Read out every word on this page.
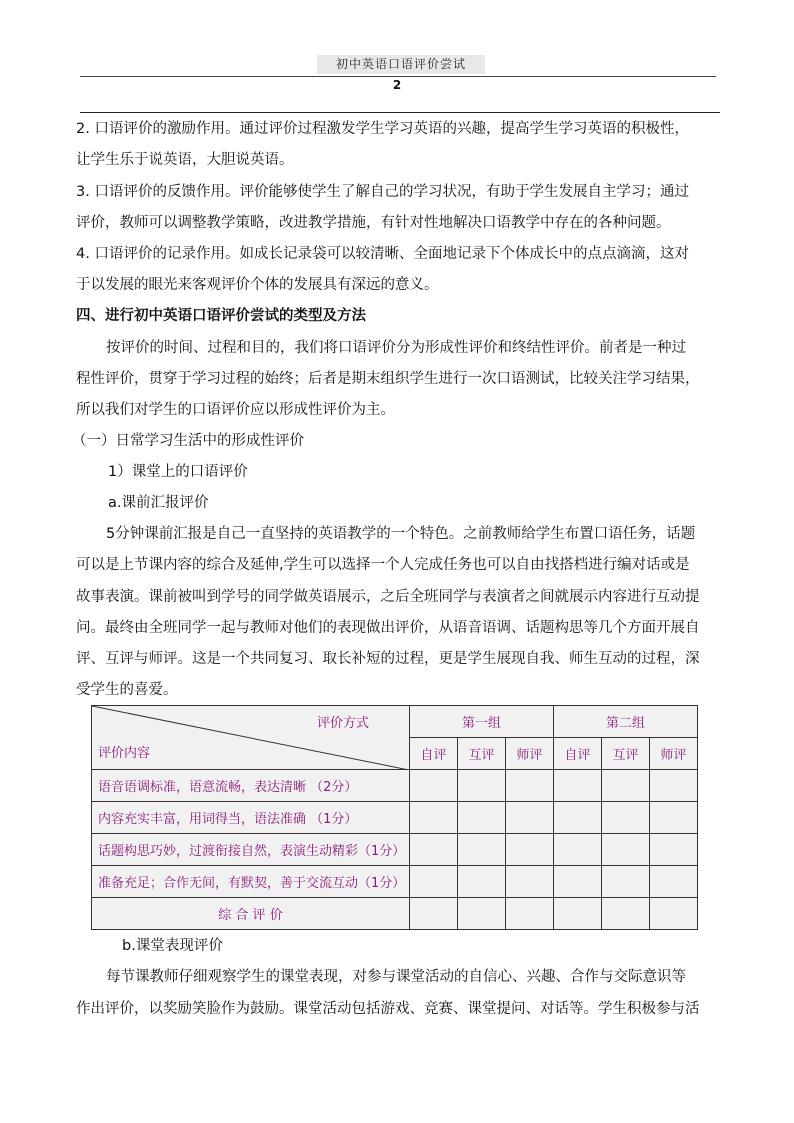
初中英语口语评价尝试
2
2. 口语评价的激励作用。通过评价过程激发学生学习英语的兴趣，提高学生学习英语的积极性，
让学生乐于说英语，大胆说英语。
3. 口语评价的反馈作用。评价能够使学生了解自己的学习状况，有助于学生发展自主学习；通过
评价，教师可以调整教学策略，改进教学措施，有针对性地解决口语教学中存在的各种问题。
4. 口语评价的记录作用。如成长记录袋可以较清晰、全面地记录下个体成长中的点点滴滴，这对
于以发展的眼光来客观评价个体的发展具有深远的意义。
四、进行初中英语口语评价尝试的类型及方法
按评价的时间、过程和目的，我们将口语评价分为形成性评价和终结性评价。前者是一种过
程性评价，贯穿于学习过程的始终；后者是期末组织学生进行一次口语测试，比较关注学习结果，
所以我们对学生的口语评价应以形成性评价为主。
（一）日常学习生活中的形成性评价
1）课堂上的口语评价
a.课前汇报评价
5分钟课前汇报是自己一直坚持的英语教学的一个特色。之前教师给学生布置口语任务，话题
可以是上节课内容的综合及延伸,学生可以选择一个人完成任务也可以自由找搭档进行编对话或是
故事表演。课前被叫到学号的同学做英语展示，之后全班同学与表演者之间就展示内容进行互动提
问。最终由全班同学一起与教师对他们的表现做出评价，从语音语调、话题构思等几个方面开展自
评、互评与师评。这是一个共同复习、取长补短的过程，更是学生展现自我、师生互动的过程，深
受学生的喜爱。
评价方式
评价内容	第一组			第二组		
	自评	互评	师评	自评	互评	师评
语音语调标准，语意流畅，表达清晰 （2分）						
内容充实丰富，用词得当，语法准确 （1分）						
话题构思巧妙，过渡衔接自然，表演生动精彩（1分）						
准备充足；合作无间，有默契，善于交流互动（1分）						
综 合 评 价						
b.课堂表现评价
每节课教师仔细观察学生的课堂表现，对参与课堂活动的自信心、兴趣、合作与交际意识等
作出评价，以奖励笑脸作为鼓励。课堂活动包括游戏、竞赛、课堂提问、对话等。学生积极参与活
